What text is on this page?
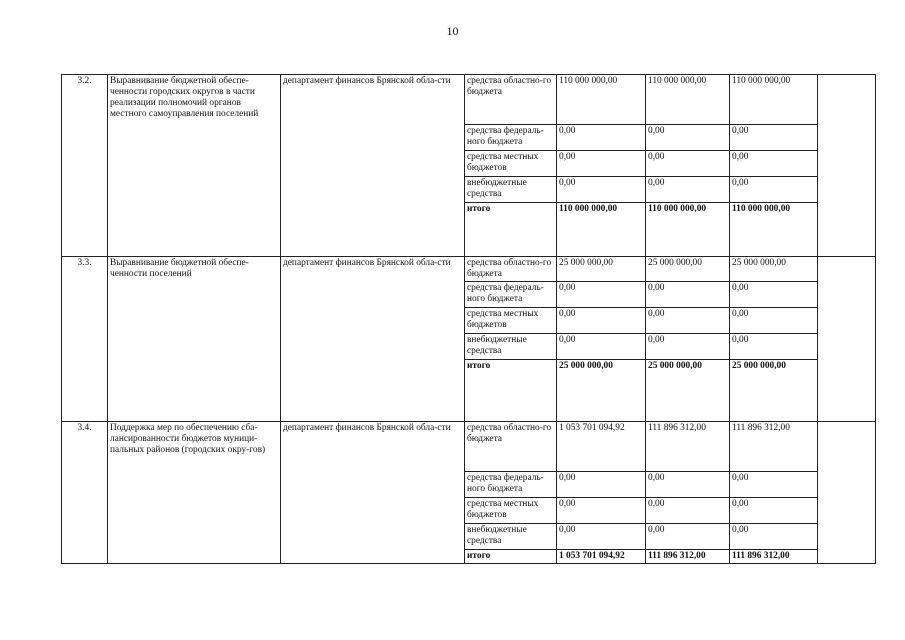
10
3.2.	Выравнивание бюджетной обеспе-ченности городских округов в части реализации полномочий органов местного самоуправления поселений	департамент финансов Брянской обла-сти	средства областно-го бюджета	110 000 000,00	110 000 000,00	110 000 000,00	
			средства федераль-ного бюджета	0,00	0,00	0,00	
			средства местных бюджетов	0,00	0,00	0,00	
			внебюджетные средства	0,00	0,00	0,00	
			итого	110 000 000,00	110 000 000,00	110 000 000,00	
3.3.	Выравнивание бюджетной обеспе-ченности поселений	департамент финансов Брянской обла-сти	средства областно-го бюджета	25 000 000,00	25 000 000,00	25 000 000,00	
			средства федераль-ного бюджета	0,00	0,00	0,00	
			средства местных бюджетов	0,00	0,00	0,00	
			внебюджетные средства	0,00	0,00	0,00	
			итого	25 000 000,00	25 000 000,00	25 000 000,00	
3.4.	Поддержка мер по обеспечению сба-лансированности бюджетов муници-пальных районов (городских окру-гов)	департамент финансов Брянской обла-сти	средства областно-го бюджета	1 053 701 094,92	111 896 312,00	111 896 312,00	
			средства федераль-ного бюджета	0,00	0,00	0,00	
			средства местных бюджетов	0,00	0,00	0,00	
			внебюджетные средства	0,00	0,00	0,00	
			итого	1 053 701 094,92	111 896 312,00	111 896 312,00	
